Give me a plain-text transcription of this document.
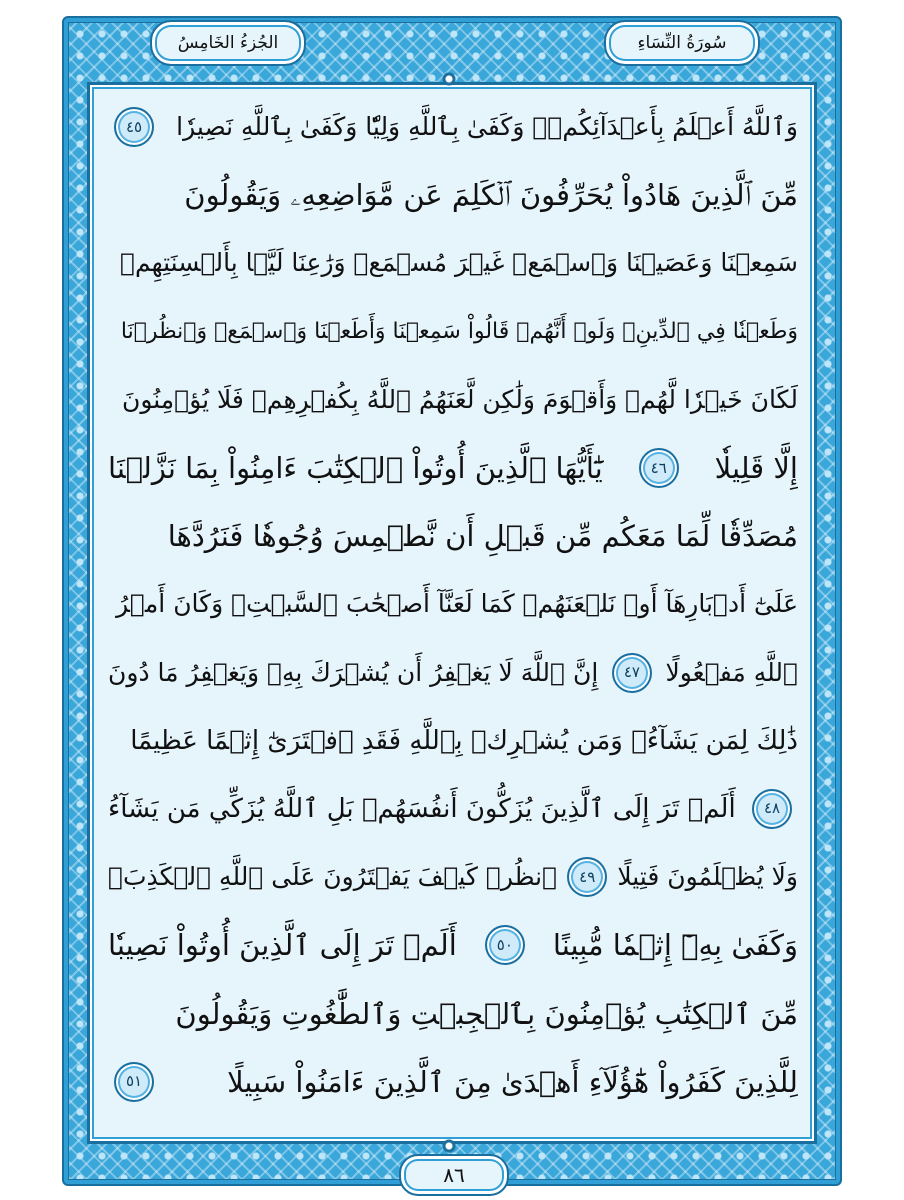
الجُزءُ الخَامِسُ	سُورَةُ النِّسَاءِ
وَٱللَّهُ أَعۡلَمُ بِأَعۡدَآئِكُمۡۚ وَكَفَىٰ بِٱللَّهِ وَلِيّٗا وَكَفَىٰ بِٱللَّهِ نَصِيرٗا
٤٥
مِّنَ ٱلَّذِينَ هَادُواْ يُحَرِّفُونَ ٱلۡكَلِمَ عَن مَّوَاضِعِهِۦ وَيَقُولُونَ
سَمِعۡنَا وَعَصَيۡنَا وَٱسۡمَعۡ غَيۡرَ مُسۡمَعٖ وَرَٰعِنَا لَيَّۢا بِأَلۡسِنَتِهِمۡ
وَطَعۡنٗا فِي ٱلدِّينِۚ وَلَوۡ أَنَّهُمۡ قَالُواْ سَمِعۡنَا وَأَطَعۡنَا وَٱسۡمَعۡ وَٱنظُرۡنَا
لَكَانَ خَيۡرٗا لَّهُمۡ وَأَقۡوَمَ وَلَٰكِن لَّعَنَهُمُ ٱللَّهُ بِكُفۡرِهِمۡ فَلَا يُؤۡمِنُونَ
إِلَّا قَلِيلٗا
٤٦
يَٰٓأَيُّهَا ٱلَّذِينَ أُوتُواْ ٱلۡكِتَٰبَ ءَامِنُواْ بِمَا نَزَّلۡنَا
مُصَدِّقٗا لِّمَا مَعَكُم مِّن قَبۡلِ أَن نَّطۡمِسَ وُجُوهٗا فَنَرُدَّهَا
عَلَىٰٓ أَدۡبَارِهَآ أَوۡ نَلۡعَنَهُمۡ كَمَا لَعَنَّآ أَصۡحَٰبَ ٱلسَّبۡتِۚ وَكَانَ أَمۡرُ
ٱللَّهِ مَفۡعُولًا
٤٧
إِنَّ ٱللَّهَ لَا يَغۡفِرُ أَن يُشۡرَكَ بِهِۦ وَيَغۡفِرُ مَا دُونَ
ذَٰلِكَ لِمَن يَشَآءُۚ وَمَن يُشۡرِكۡ بِٱللَّهِ فَقَدِ ٱفۡتَرَىٰٓ إِثۡمًا عَظِيمًا
٤٨
أَلَمۡ تَرَ إِلَى ٱلَّذِينَ يُزَكُّونَ أَنفُسَهُمۚ بَلِ ٱللَّهُ يُزَكِّي مَن يَشَآءُ
وَلَا يُظۡلَمُونَ فَتِيلًا
٤٩
ٱنظُرۡ كَيۡفَ يَفۡتَرُونَ عَلَى ٱللَّهِ ٱلۡكَذِبَۖ
وَكَفَىٰ بِهِۦٓ إِثۡمٗا مُّبِينًا
٥٠
أَلَمۡ تَرَ إِلَى ٱلَّذِينَ أُوتُواْ نَصِيبٗا
مِّنَ ٱلۡكِتَٰبِ يُؤۡمِنُونَ بِٱلۡجِبۡتِ وَٱلطَّٰغُوتِ وَيَقُولُونَ
لِلَّذِينَ كَفَرُواْ هَٰٓؤُلَآءِ أَهۡدَىٰ مِنَ ٱلَّذِينَ ءَامَنُواْ سَبِيلًا
٥١
٨٦
